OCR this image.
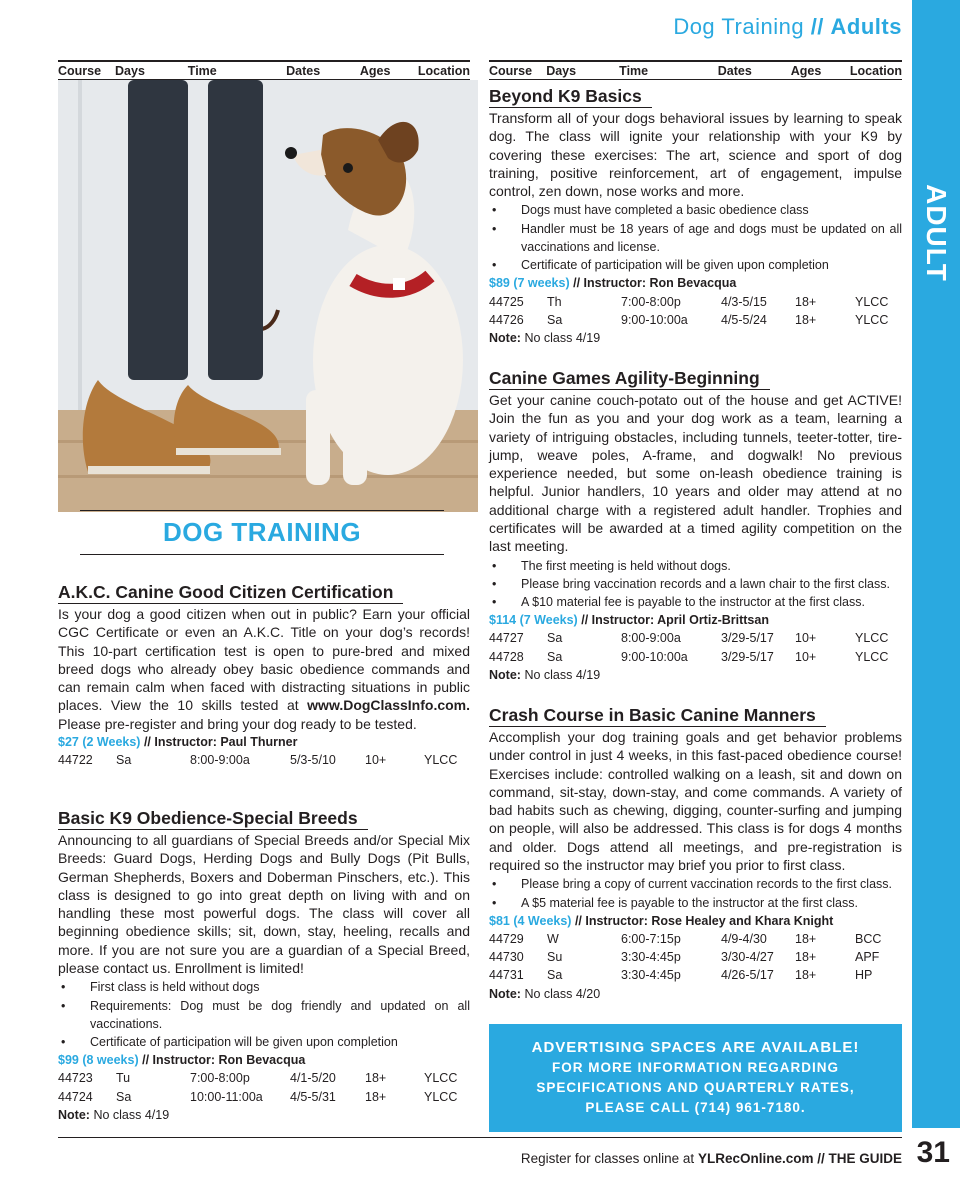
Dog Training // Adults
ADULT
Course	Days	Time	Dates	Ages	Location
DOG TRAINING
A.K.C. Canine Good Citizen Certification

Is your dog a good citizen when out in public? Earn your official CGC Certificate or even an A.K.C. Title on your dog’s records! This 10-part certification test is open to pure-bred and mixed breed dogs who already obey basic obedience commands and can remain calm when faced with distracting situations in public places. View the 10 skills tested at www.DogClassInfo.com. Please pre-register and bring your dog ready to be tested.

$27 (2 Weeks) // Instructor: Paul Thurner
44722	Sa	8:00-9:00a	5/3-5/10	10+	YLCC
Basic K9 Obedience-Special Breeds

Announcing to all guardians of Special Breeds and/or Special Mix Breeds: Guard Dogs, Herding Dogs and Bully Dogs (Pit Bulls, German Shepherds, Boxers and Doberman Pinschers, etc.). This class is designed to go into great depth on living with and on handling these most powerful dogs. The class will cover all beginning obedience skills; sit, down, stay, heeling, recalls and more. If you are not sure you are a guardian of a Special Breed, please contact us. Enrollment is limited!

• First class is held without dogs
• Requirements: Dog must be dog friendly and updated on all vaccinations.
• Certificate of participation will be given upon completion
$99 (8 weeks) // Instructor: Ron Bevacqua
44723	Tu	7:00-8:00p	4/1-5/20	18+	YLCC
44724	Sa	10:00-11:00a	4/5-5/31	18+	YLCC
Note: No class 4/19
Course	Days	Time	Dates	Ages	Location
Beyond K9 Basics

Transform all of your dogs behavioral issues by learning to speak dog. The class will ignite your relationship with your K9 by covering these exercises: The art, science and sport of dog training, positive reinforcement, art of engagement, impulse control, zen down, nose works and more.

• Dogs must have completed a basic obedience class
• Handler must be 18 years of age and dogs must be updated on all vaccinations and license.
• Certificate of participation will be given upon completion
$89 (7 weeks) // Instructor: Ron Bevacqua
44725	Th	7:00-8:00p	4/3-5/15	18+	YLCC
44726	Sa	9:00-10:00a	4/5-5/24	18+	YLCC
Note: No class 4/19
Canine Games Agility-Beginning

Get your canine couch-potato out of the house and get ACTIVE! Join the fun as you and your dog work as a team, learning a variety of intriguing obstacles, including tunnels, teeter-totter, tire-jump, weave poles, A-frame, and dogwalk! No previous experience needed, but some on-leash obedience training is helpful. Junior handlers, 10 years and older may attend at no additional charge with a registered adult handler. Trophies and certificates will be awarded at a timed agility competition on the last meeting.

• The first meeting is held without dogs.
• Please bring vaccination records and a lawn chair to the first class.
• A $10 material fee is payable to the instructor at the first class.
$114 (7 Weeks) // Instructor: April Ortiz-Brittsan
44727	Sa	8:00-9:00a	3/29-5/17	10+	YLCC
44728	Sa	9:00-10:00a	3/29-5/17	10+	YLCC
Note: No class 4/19
Crash Course in Basic Canine Manners

Accomplish your dog training goals and get behavior problems under control in just 4 weeks, in this fast-paced obedience course! Exercises include: controlled walking on a leash, sit and down on command, sit-stay, down-stay, and come commands. A variety of bad habits such as chewing, digging, counter-surfing and jumping on people, will also be addressed. This class is for dogs 4 months and older. Dogs attend all meetings, and pre-registration is required so the instructor may brief you prior to first class.

• Please bring a copy of current vaccination records to the first class.
• A $5 material fee is payable to the instructor at the first class.
$81 (4 Weeks) // Instructor: Rose Healey and Khara Knight
44729	W	6:00-7:15p	4/9-4/30	18+	BCC
44730	Su	3:30-4:45p	3/30-4/27	18+	APF
44731	Sa	3:30-4:45p	4/26-5/17	18+	HP
Note: No class 4/20
ADVERTISING SPACES ARE AVAILABLE!
FOR MORE INFORMATION REGARDING
SPECIFICATIONS AND QUARTERLY RATES,
PLEASE CALL (714) 961-7180.
Register for classes online at YLRecOnline.com // THE GUIDE 31
